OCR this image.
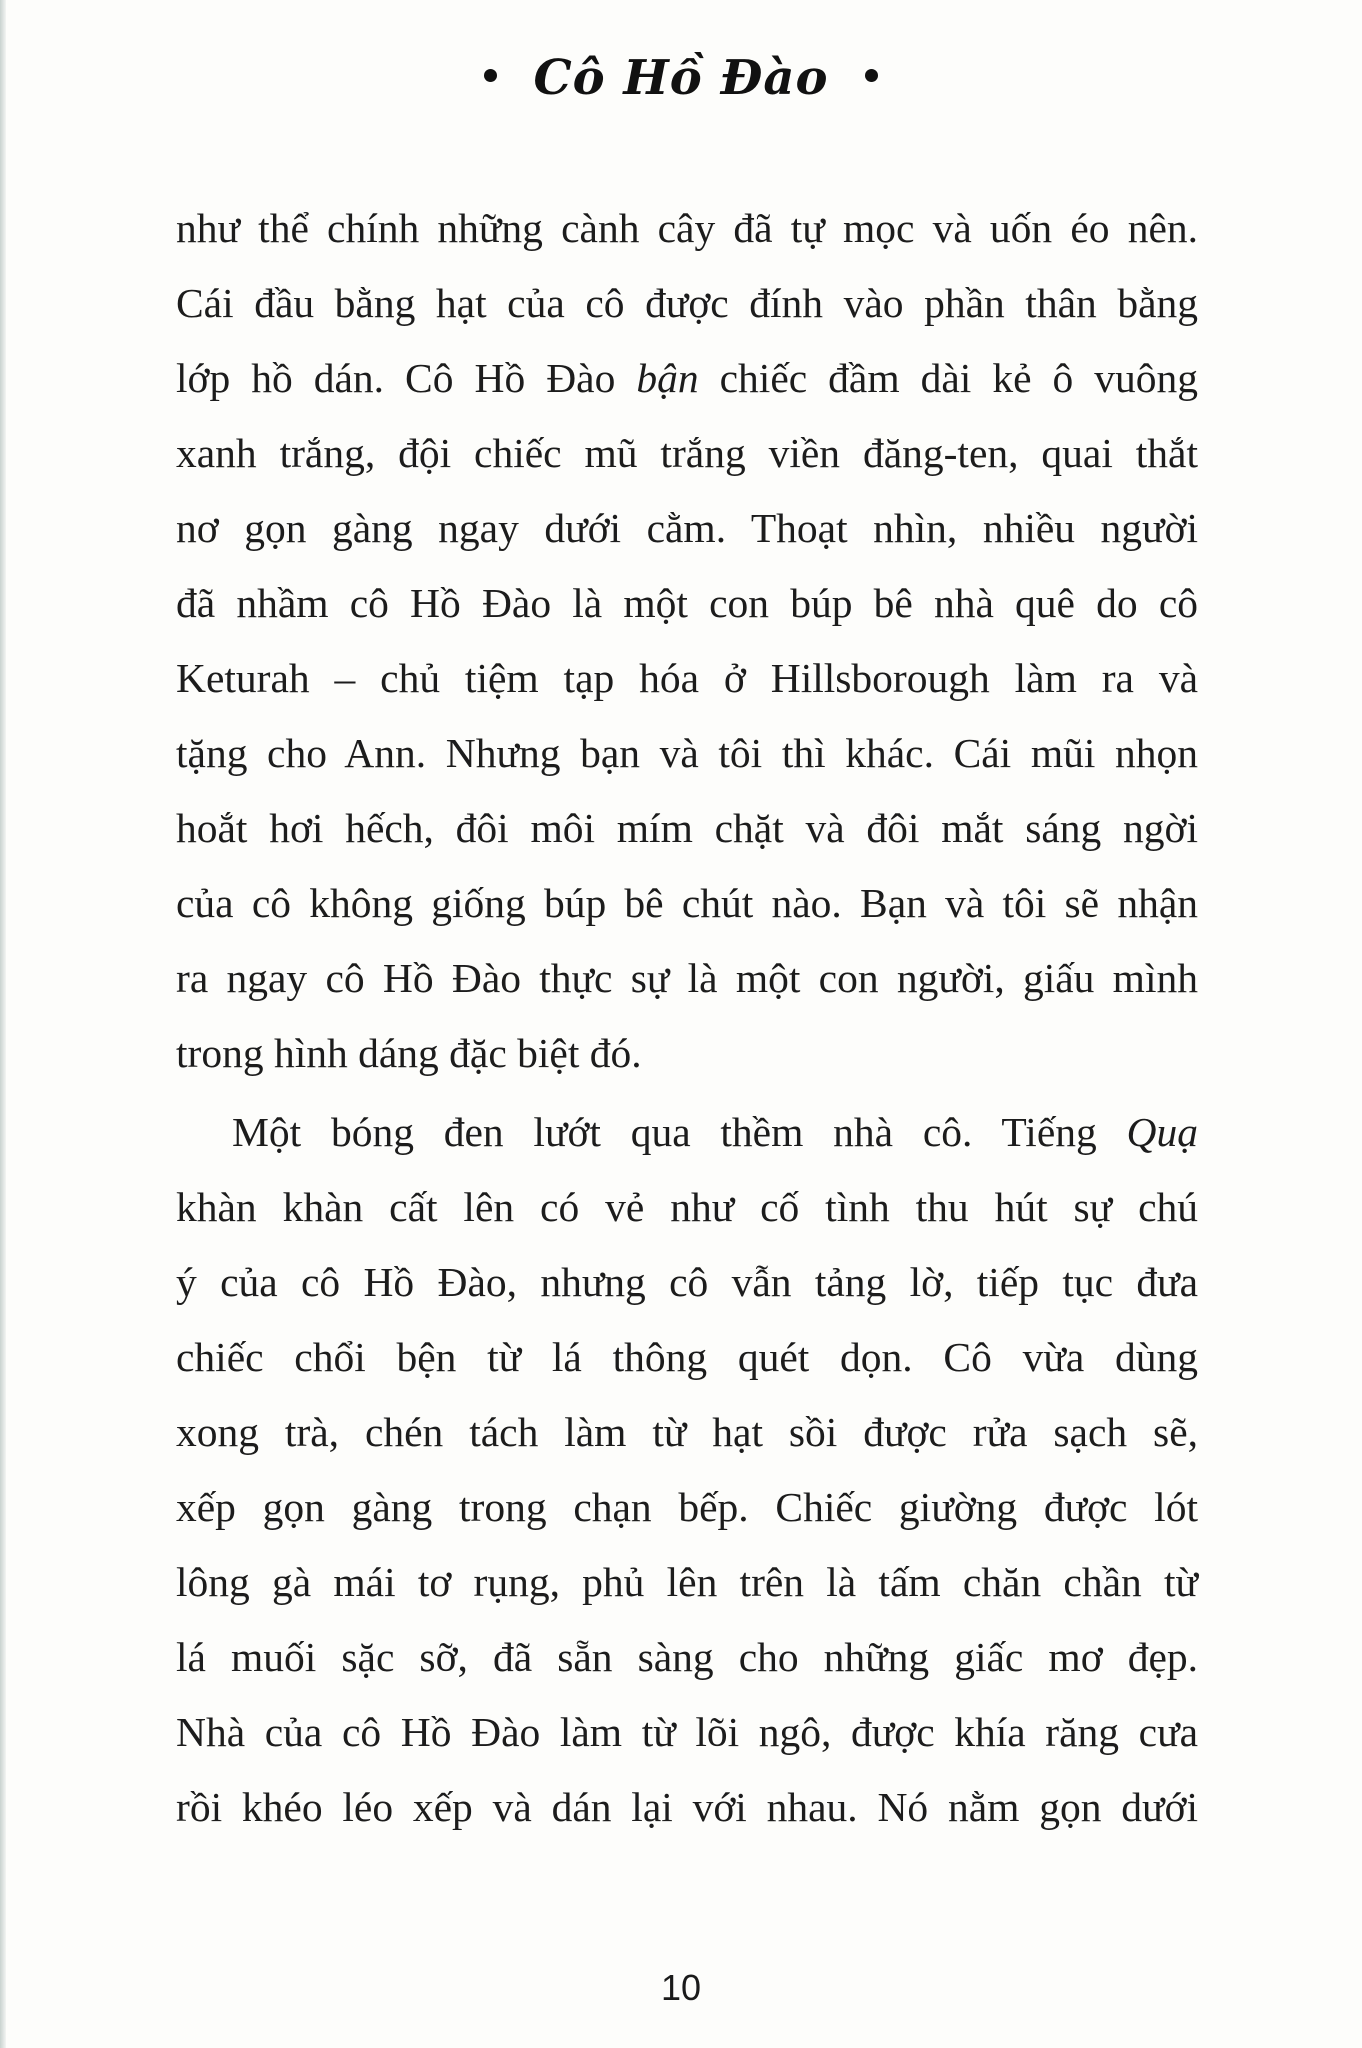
Cô Hồ Đào
như thể chính những cành cây đã tự mọc và uốn éo nên.
Cái đầu bằng hạt của cô được đính vào phần thân bằng
lớp hồ dán. Cô Hồ Đào bận chiếc đầm dài kẻ ô vuông
xanh trắng, đội chiếc mũ trắng viền đăng-ten, quai thắt
nơ gọn gàng ngay dưới cằm. Thoạt nhìn, nhiều người
đã nhầm cô Hồ Đào là một con búp bê nhà quê do cô
Keturah – chủ tiệm tạp hóa ở Hillsborough làm ra và
tặng cho Ann. Nhưng bạn và tôi thì khác. Cái mũi nhọn
hoắt hơi hếch, đôi môi mím chặt và đôi mắt sáng ngời
của cô không giống búp bê chút nào. Bạn và tôi sẽ nhận
ra ngay cô Hồ Đào thực sự là một con người, giấu mình
trong hình dáng đặc biệt đó.
Một bóng đen lướt qua thềm nhà cô. Tiếng Quạ
khàn khàn cất lên có vẻ như cố tình thu hút sự chú
ý của cô Hồ Đào, nhưng cô vẫn tảng lờ, tiếp tục đưa
chiếc chổi bện từ lá thông quét dọn. Cô vừa dùng
xong trà, chén tách làm từ hạt sồi được rửa sạch sẽ,
xếp gọn gàng trong chạn bếp. Chiếc giường được lót
lông gà mái tơ rụng, phủ lên trên là tấm chăn chần từ
lá muối sặc sỡ, đã sẵn sàng cho những giấc mơ đẹp.
Nhà của cô Hồ Đào làm từ lõi ngô, được khía răng cưa
rồi khéo léo xếp và dán lại với nhau. Nó nằm gọn dưới
10
